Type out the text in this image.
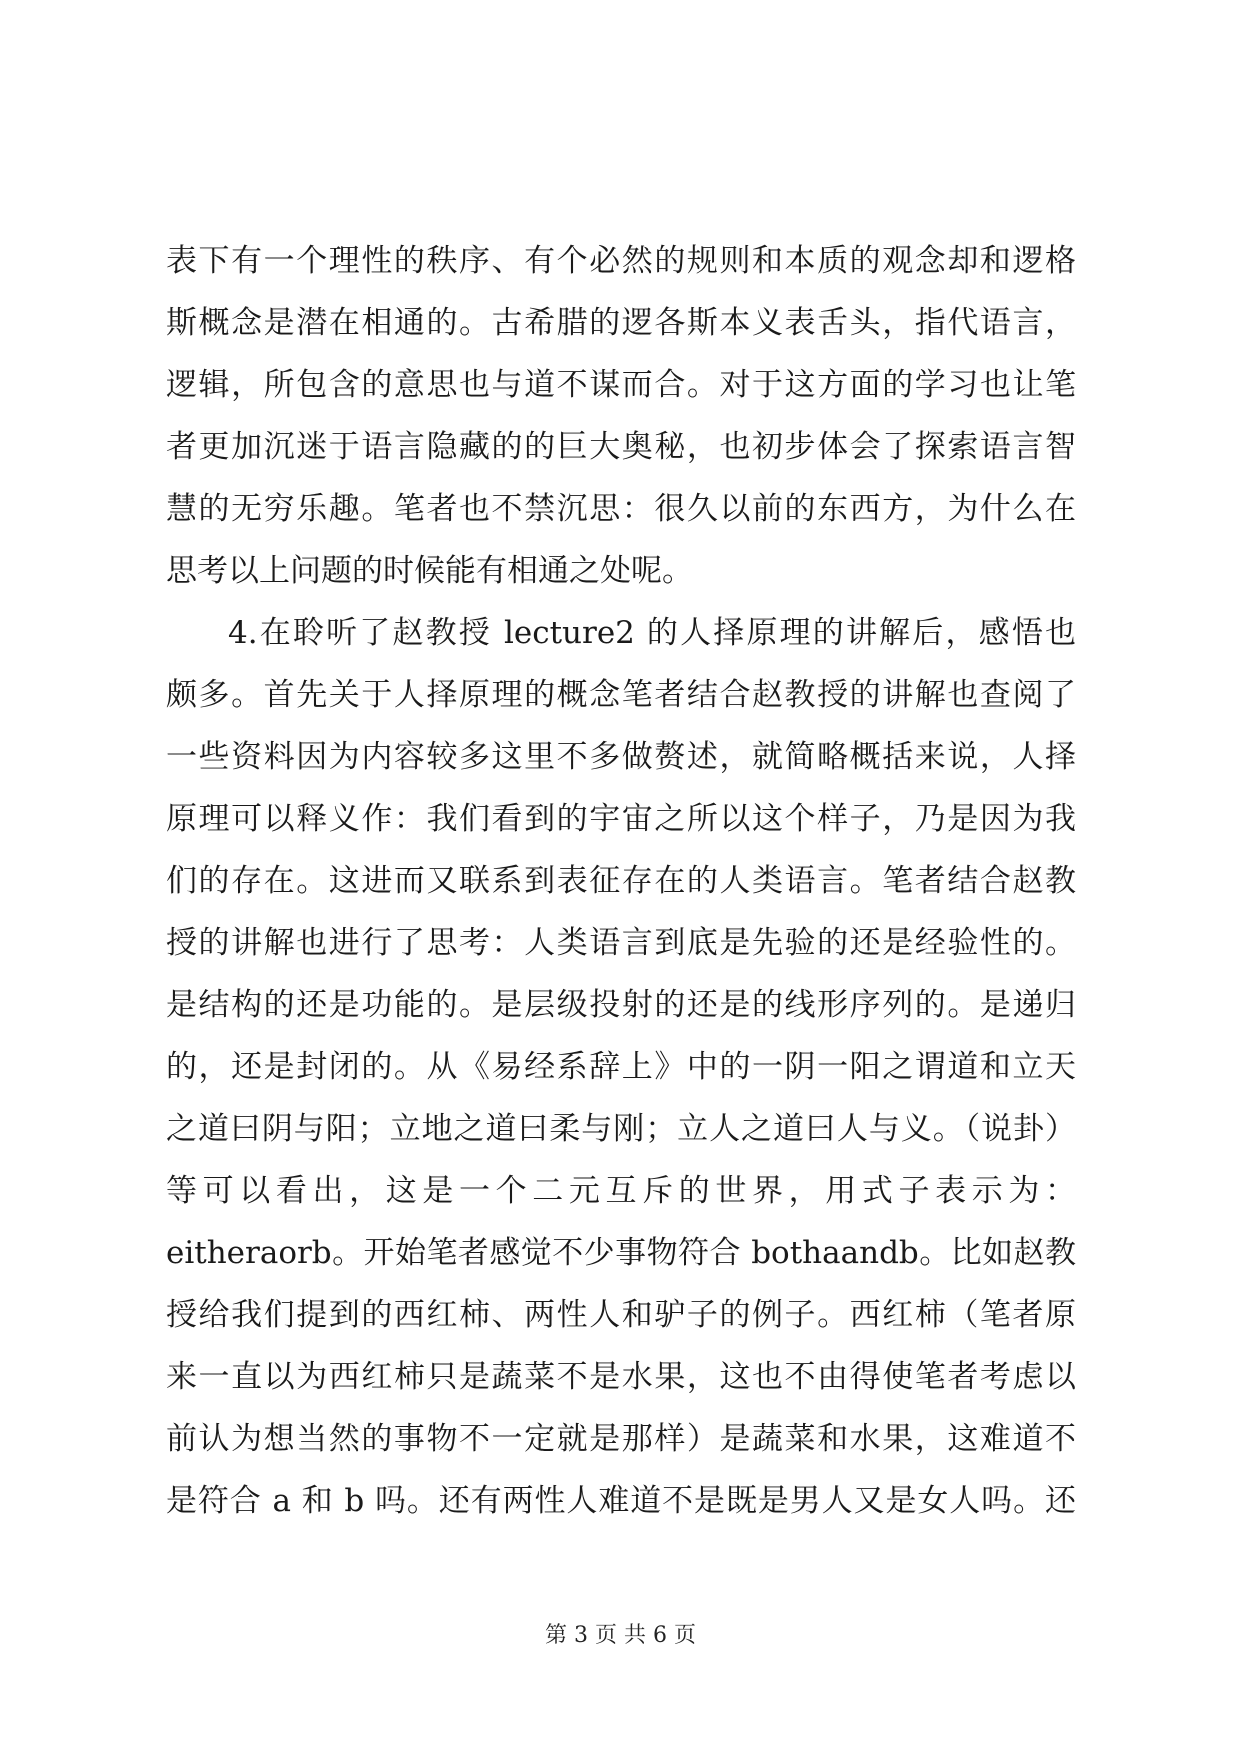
表下有一个理性的秩序、有个必然的规则和本质的观念却和逻格
斯概念是潜在相通的。古希腊的逻各斯本义表舌头，指代语言，
逻辑，所包含的意思也与道不谋而合。对于这方面的学习也让笔
者更加沉迷于语言隐藏的的巨大奥秘，也初步体会了探索语言智
慧的无穷乐趣。笔者也不禁沉思：很久以前的东西方，为什么在
思考以上问题的时候能有相通之处呢。
4.在聆听了赵教授 lecture2 的人择原理的讲解后，感悟也
颇多。首先关于人择原理的概念笔者结合赵教授的讲解也查阅了
一些资料因为内容较多这里不多做赘述，就简略概括来说，人择
原理可以释义作：我们看到的宇宙之所以这个样子，乃是因为我
们的存在。这进而又联系到表征存在的人类语言。笔者结合赵教
授的讲解也进行了思考：人类语言到底是先验的还是经验性的。
是结构的还是功能的。是层级投射的还是的线形序列的。是递归
的，还是封闭的。从《易经系辞上》中的一阴一阳之谓道和立天
之道曰阴与阳；立地之道曰柔与刚；立人之道曰人与义。（说卦）
等可以看出，这是一个二元互斥的世界，用式子表示为：
eitheraorb。开始笔者感觉不少事物符合 bothaandb。比如赵教
授给我们提到的西红柿、两性人和驴子的例子。西红柿（笔者原
来一直以为西红柿只是蔬菜不是水果，这也不由得使笔者考虑以
前认为想当然的事物不一定就是那样）是蔬菜和水果，这难道不
是符合 a 和 b 吗。还有两性人难道不是既是男人又是女人吗。还
第 3 页 共 6 页
